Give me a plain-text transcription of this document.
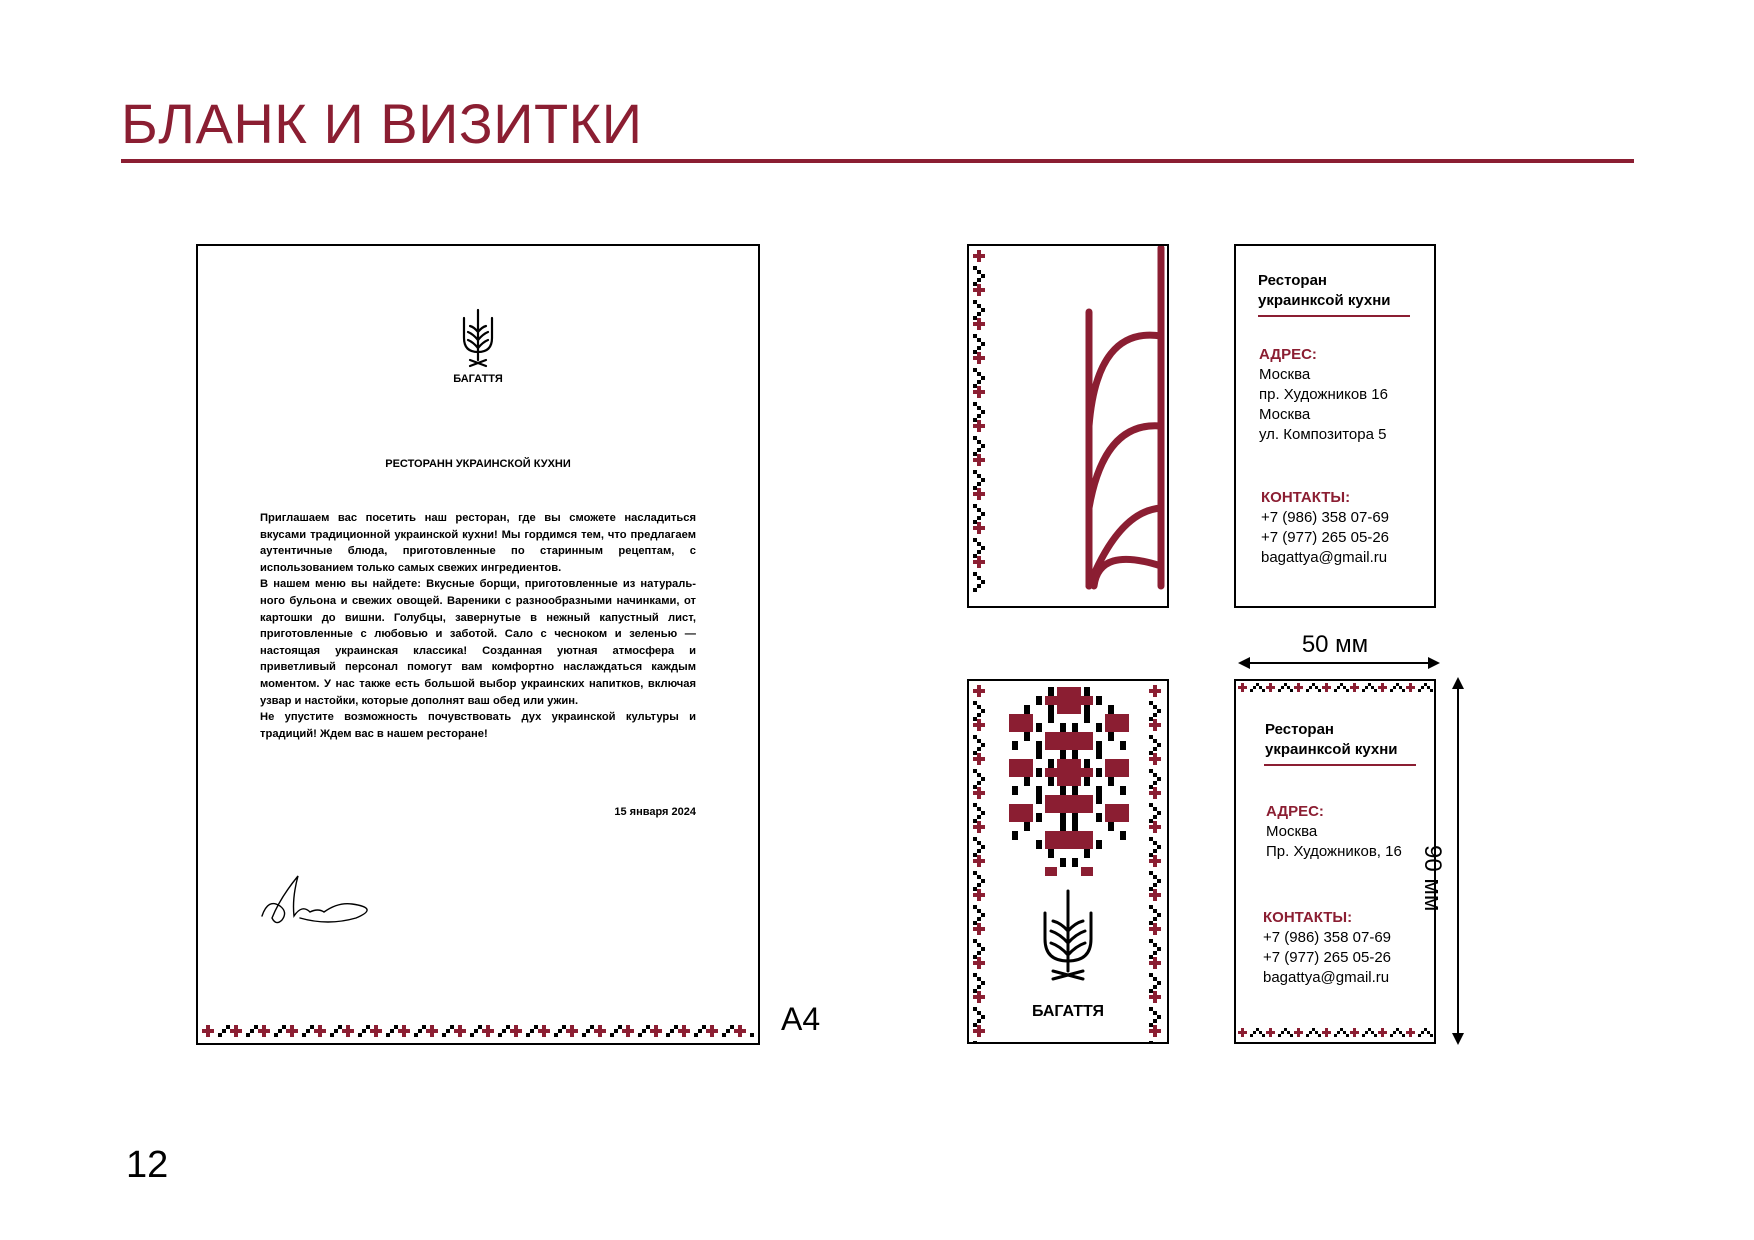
БЛАНК И ВИЗИТКИ
БАГАТТЯ
РЕСТОРАНН УКРАИНСКОЙ КУХНИ

Приглашаем вас посетить наш ресторан, где вы сможете насладиться вкусами традиционной украинской кухни! Мы гордимся тем, что предлагаем аутентичные блюда, приготовленные по старинным рецептам, с использованием только самых свежих ингредиентов.

В нашем меню вы найдете: Вкусные борщи, приготовленные из натураль-ного бульона и свежих овощей. Вареники с разнообразными начинками, от картошки до вишни. Голубцы, завернутые в нежный капустный лист, приготовленные с любовью и заботой. Сало с чесноком и зеленью — настоящая украинская классика! Созданная уютная атмосфера и приветливый персонал помогут вам комфортно наслаждаться каждым моментом. У нас также есть большой выбор украинских напитков, включая узвар и настойки, которые дополнят ваш обед или ужин.

Не упустите возможность почувствовать дух украинской культуры и традиций! Ждем вас в нашем ресторане!

15 января 2024
A4
Ресторан
украинксой кухни
АДРЕС:
Москва
пр. Художников 16
Москва
ул. Композитора 5
КОНТАКТЫ:
+7 (986) 358 07-69
+7 (977) 265 05-26
bagattya@gmail.ru
БАГАТТЯ
Ресторан
украинксой кухни
АДРЕС:
Москва
Пр. Художников, 16
КОНТАКТЫ:
+7 (986) 358 07-69
+7 (977) 265 05-26
bagattya@gmail.ru
50 мм
90 мм
12
